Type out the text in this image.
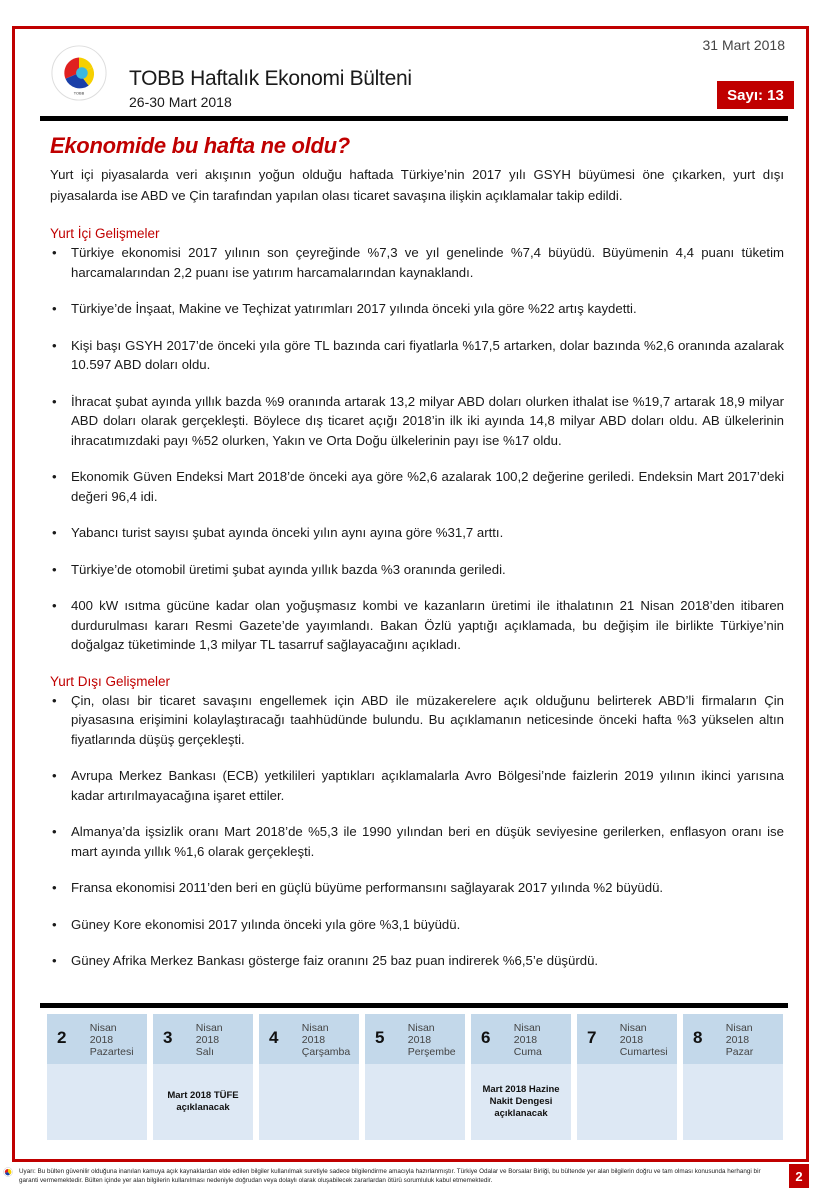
TOBB
TOBB Haftalık Ekonomi Bülteni
26-30 Mart 2018
31 Mart 2018
Sayı: 13
Ekonomide bu hafta ne oldu?

Yurt içi piyasalarda veri akışının yoğun olduğu haftada Türkiye’nin 2017 yılı GSYH büyümesi öne çıkarken, yurt dışı piyasalarda ise ABD ve Çin tarafından yapılan olası ticaret savaşına ilişkin açıklamalar takip edildi.

Yurt İçi Gelişmeler
• Türkiye ekonomisi 2017 yılının son çeyreğinde %7,3 ve yıl genelinde %7,4 büyüdü. Büyümenin 4,4 puanı tüketim harcamalarından 2,2 puanı ise yatırım harcamalarından kaynaklandı.
• Türkiye’de İnşaat, Makine ve Teçhizat yatırımları 2017 yılında önceki yıla göre %22 artış kaydetti.
• Kişi başı GSYH 2017’de önceki yıla göre TL bazında cari fiyatlarla %17,5 artarken, dolar bazında %2,6 oranında azalarak 10.597 ABD doları oldu.
• İhracat şubat ayında yıllık bazda %9 oranında artarak 13,2 milyar ABD doları olurken ithalat ise %19,7 artarak 18,9 milyar ABD doları olarak gerçekleşti. Böylece dış ticaret açığı 2018’in ilk iki ayında 14,8 milyar ABD doları oldu. AB ülkelerinin ihracatımızdaki payı %52 olurken, Yakın ve Orta Doğu ülkelerinin payı ise %17 oldu.
• Ekonomik Güven Endeksi Mart 2018’de önceki aya göre %2,6 azalarak 100,2 değerine geriledi. Endeksin Mart 2017’deki değeri 96,4 idi.
• Yabancı turist sayısı şubat ayında önceki yılın aynı ayına göre %31,7 arttı.
• Türkiye’de otomobil üretimi şubat ayında yıllık bazda %3 oranında geriledi.
• 400 kW ısıtma gücüne kadar olan yoğuşmasız kombi ve kazanların üretimi ile ithalatının 21 Nisan 2018’den itibaren durdurulması kararı Resmi Gazete’de yayımlandı. Bakan Özlü yaptığı açıklamada, bu değişim ile birlikte Türkiye’nin doğalgaz tüketiminde 1,3 milyar TL tasarruf sağlayacağını açıkladı.
Yurt Dışı Gelişmeler
• Çin, olası bir ticaret savaşını engellemek için ABD ile müzakerelere açık olduğunu belirterek ABD’li firmaların Çin piyasasına erişimini kolaylaştıracağı taahhüdünde bulundu. Bu açıklamanın neticesinde önceki hafta %3 yükselen altın fiyatlarında düşüş gerçekleşti.
• Avrupa Merkez Bankası (ECB) yetkilileri yaptıkları açıklamalarla Avro Bölgesi’nde faizlerin 2019 yılının ikinci yarısına kadar artırılmayacağına işaret ettiler.
• Almanya’da işsizlik oranı Mart 2018’de %5,3 ile 1990 yılından beri en düşük seviyesine gerilerken, enflasyon oranı ise mart ayında yıllık %1,6 olarak gerçekleşti.
• Fransa ekonomisi 2011’den beri en güçlü büyüme performansını sağlayarak 2017 yılında %2 büyüdü.
• Güney Kore ekonomisi 2017 yılında önceki yıla göre %3,1 büyüdü.
• Güney Afrika Merkez Bankası gösterge faiz oranını 25 baz puan indirerek %6,5’e düşürdü.
2	Nisan 2018
Pazartesi
3	Nisan 2018
Salı
Mart 2018 TÜFE açıklanacak
4	Nisan 2018
Çarşamba
5	Nisan 2018
Perşembe
6	Nisan 2018
Cuma
Mart 2018 Hazine Nakit Dengesi açıklanacak
7	Nisan 2018
Cumartesi
8	Nisan 2018
Pazar
Uyarı: Bu bülten güvenilir olduğuna inanılan kamuya açık kaynaklardan elde edilen bilgiler kullanılmak suretiyle sadece bilgilendirme amacıyla hazırlanmıştır. Türkiye Odalar ve Borsalar Birliği, bu bültende yer alan bilgilerin doğru ve tam olması konusunda herhangi bir garanti vermemektedir. Bülten içinde yer alan bilgilerin kullanılması nedeniyle doğrudan veya dolaylı olarak oluşabilecek zararlardan ötürü sorumluluk kabul etmemektedir.	2
